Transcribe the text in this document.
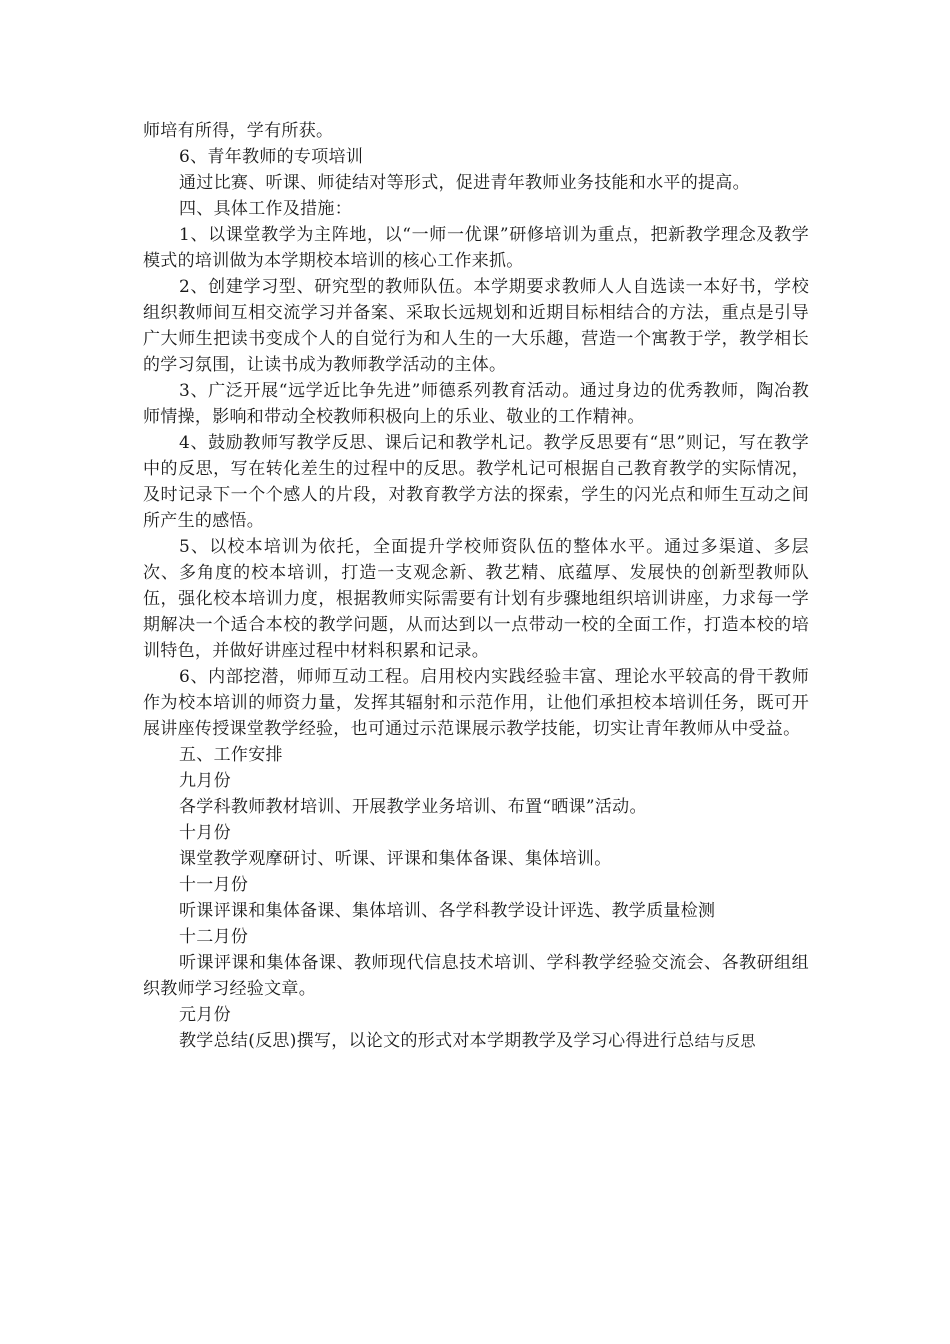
师培有所得，学有所获。

6、青年教师的专项培训

通过比赛、听课、师徒结对等形式，促进青年教师业务技能和水平的提高。

四、具体工作及措施：

1、以课堂教学为主阵地，以“一师一优课”研修培训为重点，把新教学理念及教学模式的培训做为本学期校本培训的核心工作来抓。

2、创建学习型、研究型的教师队伍。本学期要求教师人人自选读一本好书，学校组织教师间互相交流学习并备案、采取长远规划和近期目标相结合的方法，重点是引导广大师生把读书变成个人的自觉行为和人生的一大乐趣，营造一个寓教于学，教学相长的学习氛围，让读书成为教师教学活动的主体。

3、广泛开展“远学近比争先进”师德系列教育活动。通过身边的优秀教师，陶冶教师情操，影响和带动全校教师积极向上的乐业、敬业的工作精神。

4、鼓励教师写教学反思、课后记和教学札记。教学反思要有“思”则记，写在教学中的反思，写在转化差生的过程中的反思。教学札记可根据自己教育教学的实际情况，及时记录下一个个感人的片段，对教育教学方法的探索，学生的闪光点和师生互动之间所产生的感悟。

5、以校本培训为依托，全面提升学校师资队伍的整体水平。通过多渠道、多层次、多角度的校本培训，打造一支观念新、教艺精、底蕴厚、发展快的创新型教师队伍，强化校本培训力度，根据教师实际需要有计划有步骤地组织培训讲座，力求每一学期解决一个适合本校的教学问题，从而达到以一点带动一校的全面工作，打造本校的培训特色，并做好讲座过程中材料积累和记录。

6、内部挖潜，师师互动工程。启用校内实践经验丰富、理论水平较高的骨干教师作为校本培训的师资力量，发挥其辐射和示范作用，让他们承担校本培训任务，既可开展讲座传授课堂教学经验，也可通过示范课展示教学技能，切实让青年教师从中受益。

五、工作安排

九月份

各学科教师教材培训、开展教学业务培训、布置“晒课”活动。

十月份

课堂教学观摩研讨、听课、评课和集体备课、集体培训。

十一月份

听课评课和集体备课、集体培训、各学科教学设计评选、教学质量检测

十二月份

听课评课和集体备课、教师现代信息技术培训、学科教学经验交流会、各教研组组织教师学习经验文章。

元月份

教学总结(反思)撰写，以论文的形式对本学期教学及学习心得进行总结与反思
